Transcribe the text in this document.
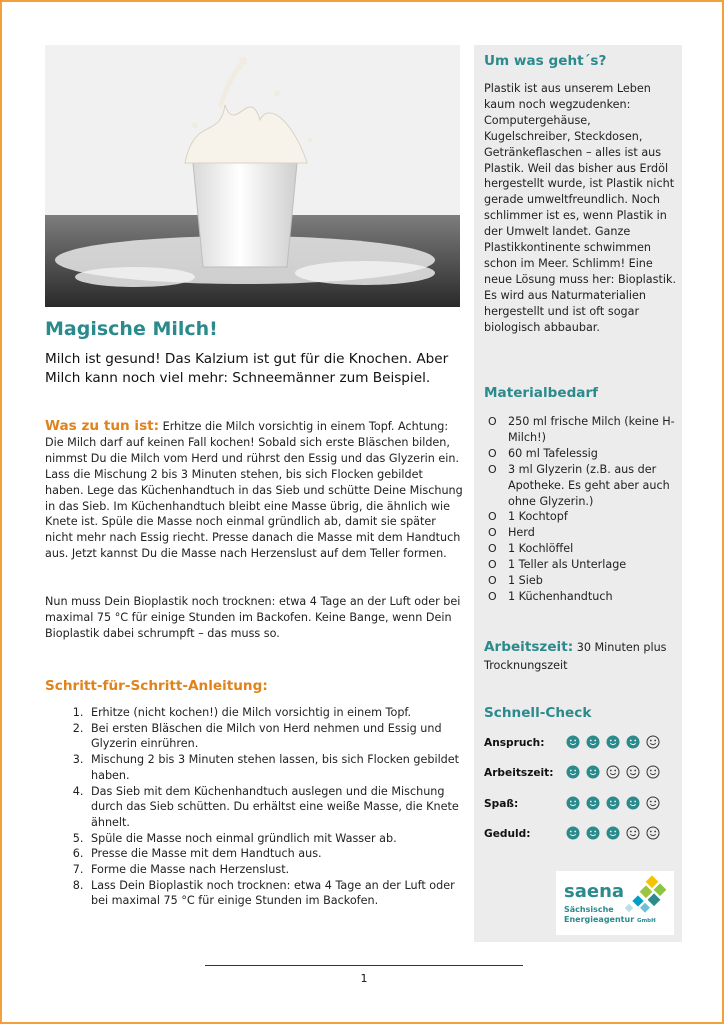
Magische Milch!
Milch ist gesund! Das Kalzium ist gut für die Knochen. Aber Milch kann noch viel mehr: Schneemänner zum Beispiel.
Was zu tun ist: Erhitze die Milch vorsichtig in einem Topf. Achtung: Die Milch darf auf keinen Fall kochen! Sobald sich erste Bläschen bilden, nimmst Du die Milch vom Herd und rührst den Essig und das Glyzerin ein. Lass die Mischung 2 bis 3 Minuten stehen, bis sich Flocken gebildet haben. Lege das Küchenhandtuch in das Sieb und schütte Deine Mischung in das Sieb. Im Küchenhandtuch bleibt eine Masse übrig, die ähnlich wie Knete ist. Spüle die Masse noch einmal gründlich ab, damit sie später nicht mehr nach Essig riecht. Presse danach die Masse mit dem Handtuch aus. Jetzt kannst Du die Masse nach Herzenslust auf dem Teller formen.
Nun muss Dein Bioplastik noch trocknen: etwa 4 Tage an der Luft oder bei maximal 75 °C für einige Stunden im Backofen. Keine Bange, wenn Dein Bioplastik dabei schrumpft – das muss so.
Schritt-für-Schritt-Anleitung:
1. Erhitze (nicht kochen!) die Milch vorsichtig in einem Topf.
2. Bei ersten Bläschen die Milch von Herd nehmen und Essig und Glyzerin einrühren.
3. Mischung 2 bis 3 Minuten stehen lassen, bis sich Flocken gebildet haben.
4. Das Sieb mit dem Küchenhandtuch auslegen und die Mischung durch das Sieb schütten. Du erhältst eine weiße Masse, die Knete ähnelt.
5. Spüle die Masse noch einmal gründlich mit Wasser ab.
6. Presse die Masse mit dem Handtuch aus.
7. Forme die Masse nach Herzenslust.
8. Lass Dein Bioplastik noch trocknen: etwa 4 Tage an der Luft oder bei maximal 75 °C für einige Stunden im Backofen.
Um was geht´s?
Plastik ist aus unserem Leben kaum noch wegzudenken: Computergehäuse, Kugelschreiber, Steckdosen, Getränkeflaschen – alles ist aus Plastik. Weil das bisher aus Erdöl hergestellt wurde, ist Plastik nicht gerade umweltfreundlich. Noch schlimmer ist es, wenn Plastik in der Umwelt landet. Ganze Plastikkontinente schwimmen schon im Meer. Schlimm! Eine neue Lösung muss her: Bioplastik. Es wird aus Naturmaterialien hergestellt und ist oft sogar biologisch abbaubar.
Materialbedarf
O 250 ml frische Milch (keine H-Milch!)
O 60 ml Tafelessig
O 3 ml Glyzerin (z.B. aus der Apotheke. Es geht aber auch ohne Glyzerin.)
O 1 Kochtopf
O Herd
O 1 Kochlöffel
O 1 Teller als Unterlage
O 1 Sieb
O 1 Küchenhandtuch
Arbeitszeit: 30 Minuten plus Trocknungszeit
Schnell-Check
Anspruch:
Arbeitszeit:
Spaß:
Geduld:
saena
Sächsische
Energieagentur GmbH
1
